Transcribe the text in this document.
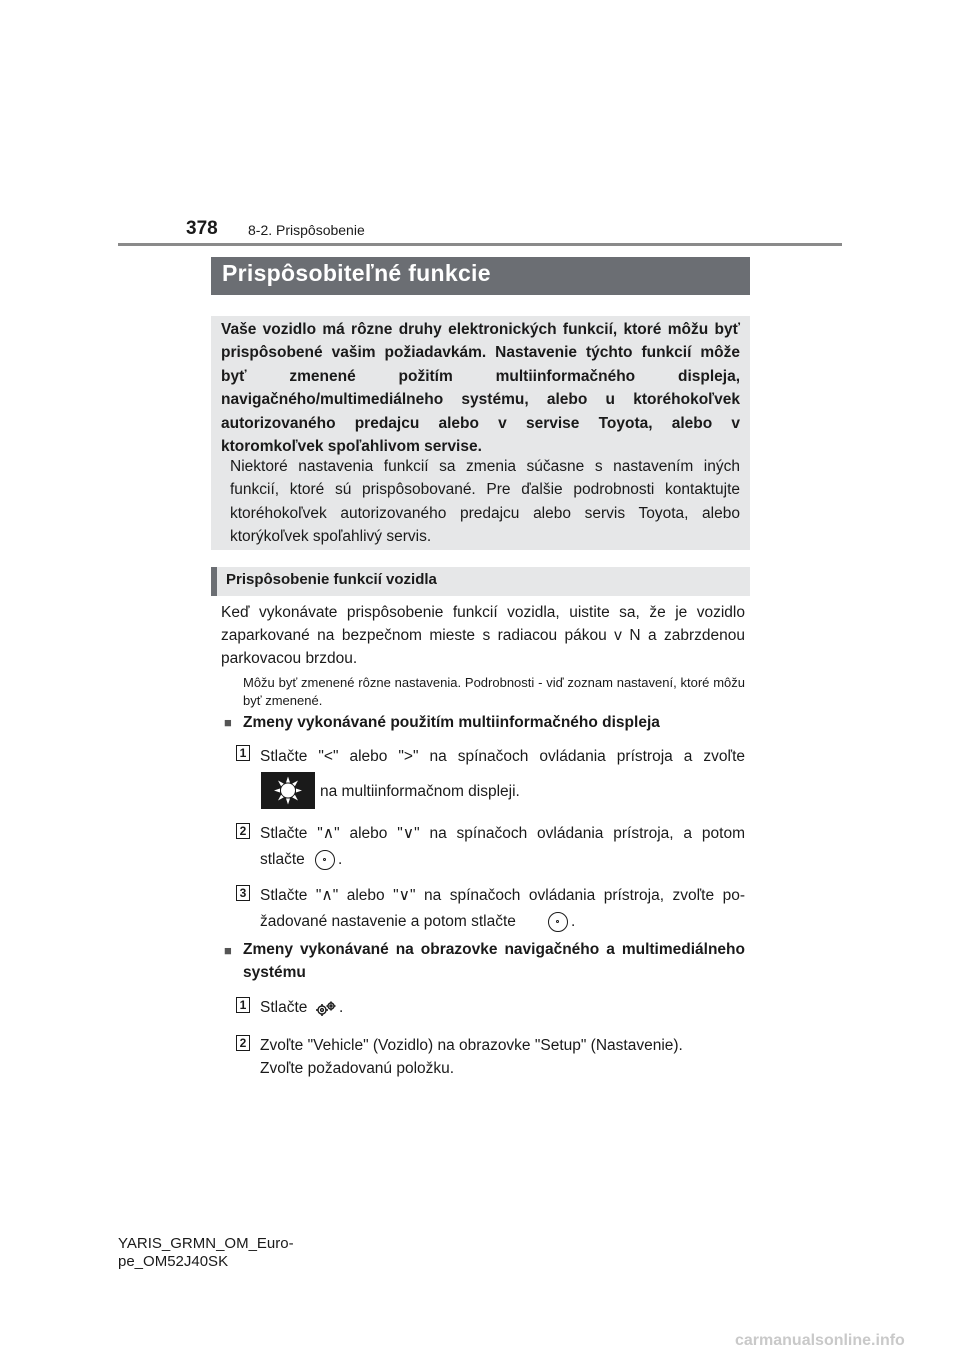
378 8-2. Prispôsobenie
Prispôsobiteľné funkcie
Vaše vozidlo má rôzne druhy elektronických funkcií, ktoré môžu byť prispôsobené vašim požiadavkám. Nastavenie týchto funkcií môže byť zmenené požitím multiinformačného displeja, navigačného/multimediálneho systému, alebo u ktoréhokoľvek autorizovaného predajcu alebo v servise Toyota, alebo v ktoromkoľvek spoľahlivom servise.
Niektoré nastavenia funkcií sa zmenia súčasne s nastavením iných funkcií, ktoré sú prispôsobované. Pre ďalšie podrobnosti kontaktujte ktoréhokoľvek autorizovaného predajcu alebo servis Toyota, alebo ktorýkoľvek spoľahlivý servis.
Prispôsobenie funkcií vozidla
Keď vykonávate prispôsobenie funkcií vozidla, uistite sa, že je vozidlo zaparkované na bezpečnom mieste s radiacou pákou v N a zabrzdenou parkovacou brzdou.
Môžu byť zmenené rôzne nastavenia. Podrobnosti - viď zoznam nastavení, ktoré môžu byť zmenené.
■ Zmeny vykonávané použitím multiinformačného displeja
1 Stlačte "<" alebo ">" na spínačoch ovládania prístroja a zvoľte
na multiinformačnom displeji.
2 Stlačte "∧" alebo "∨" na spínačoch ovládania prístroja, a potom
stlačte	.
3 Stlačte "∧" alebo "∨" na spínačoch ovládania prístroja, zvoľte po-
žadované nastavenie a potom stlačte	.
■ Zmeny vykonávané na obrazovke navigačného a multimediálneho systému
1 Stlačte	.
2 Zvoľte "Vehicle" (Vozidlo) na obrazovke "Setup" (Nastavenie).
Zvoľte požadovanú položku.
YARIS_GRMN_OM_Euro-
pe_OM52J40SK
carmanualsonline.info
